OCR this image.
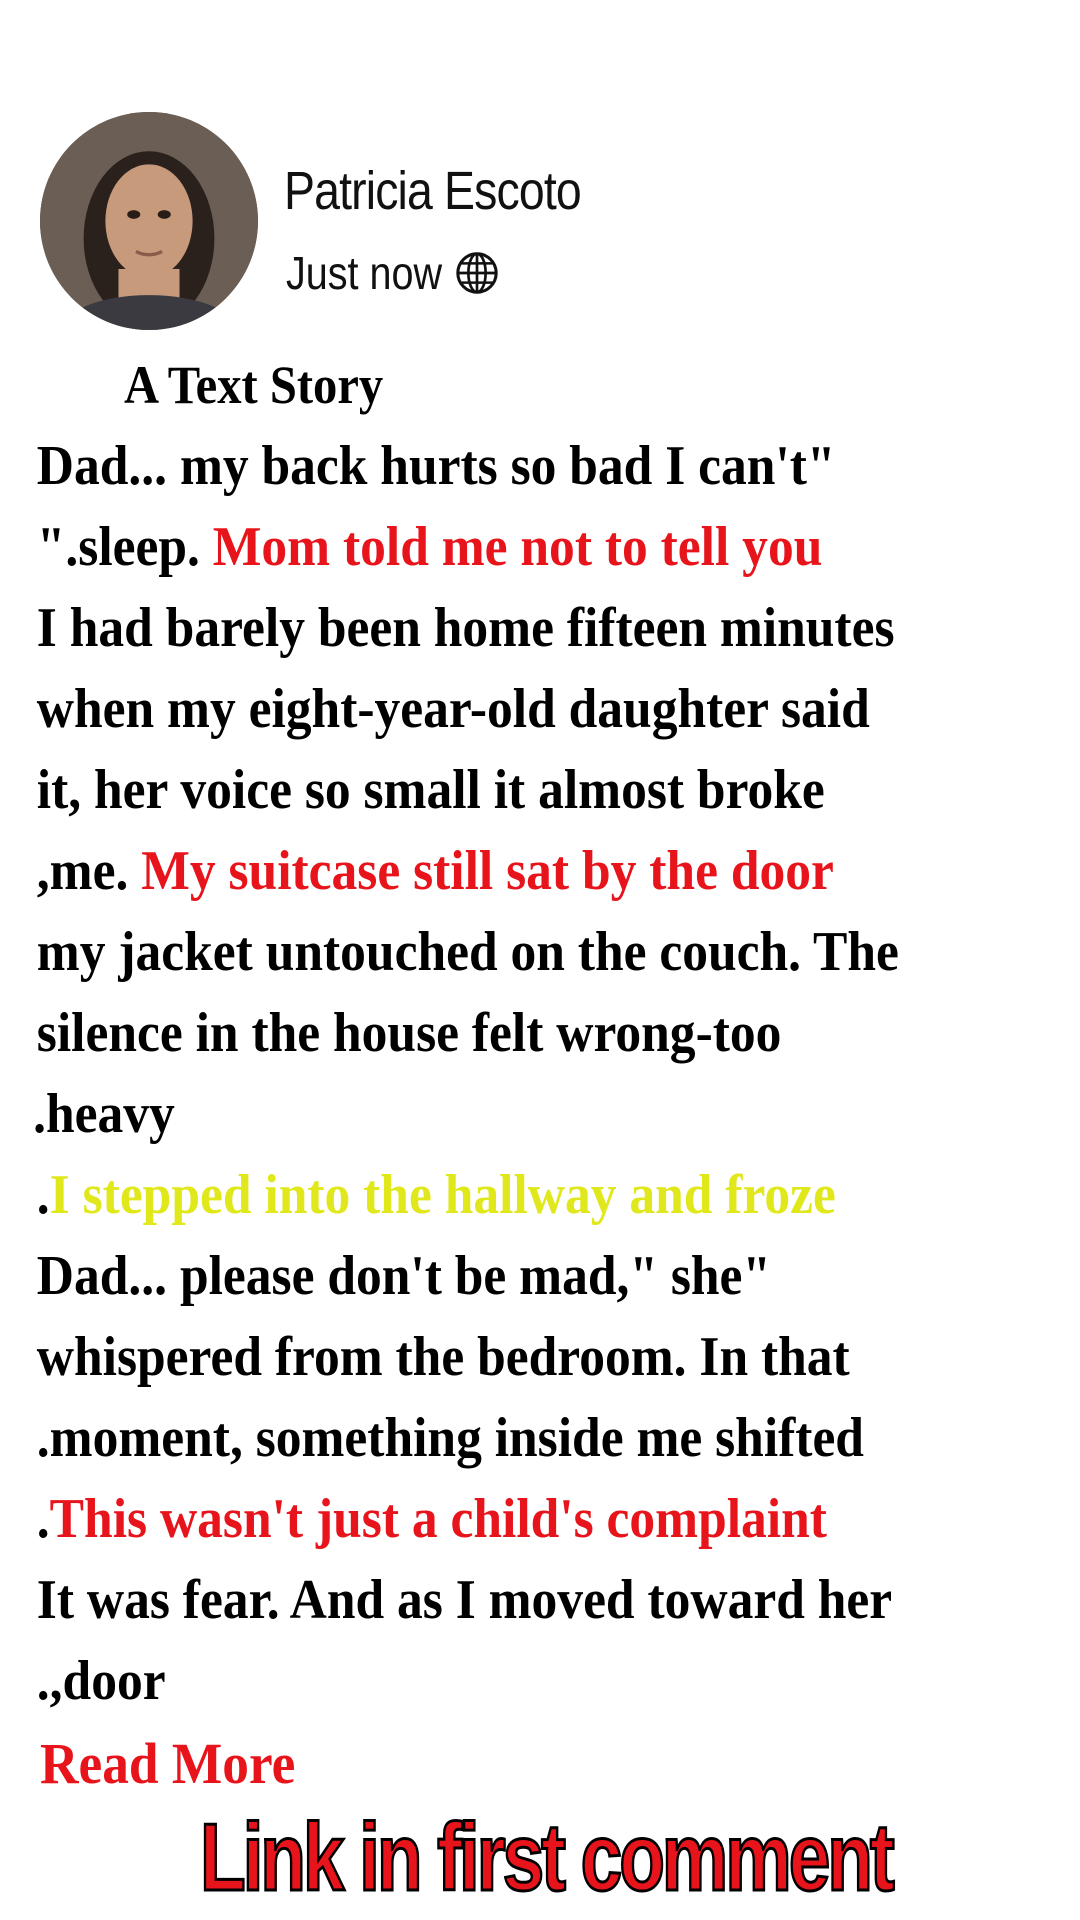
Patricia Escoto
Just now
A Text Story
Dad... my back hurts so bad I can't"
".sleep. Mom told me not to tell you
I had barely been home fifteen minutes
when my eight-year-old daughter said
it, her voice so small it almost broke
,me. My suitcase still sat by the door
my jacket untouched on the couch. The
silence in the house felt wrong-too
.heavy
.I stepped into the hallway and froze
Dad... please don't be mad," she"
whispered from the bedroom. In that
.moment, something inside me shifted
.This wasn't just a child's complaint
It was fear. And as I moved toward her
.,door
Read More
Link in first comment
